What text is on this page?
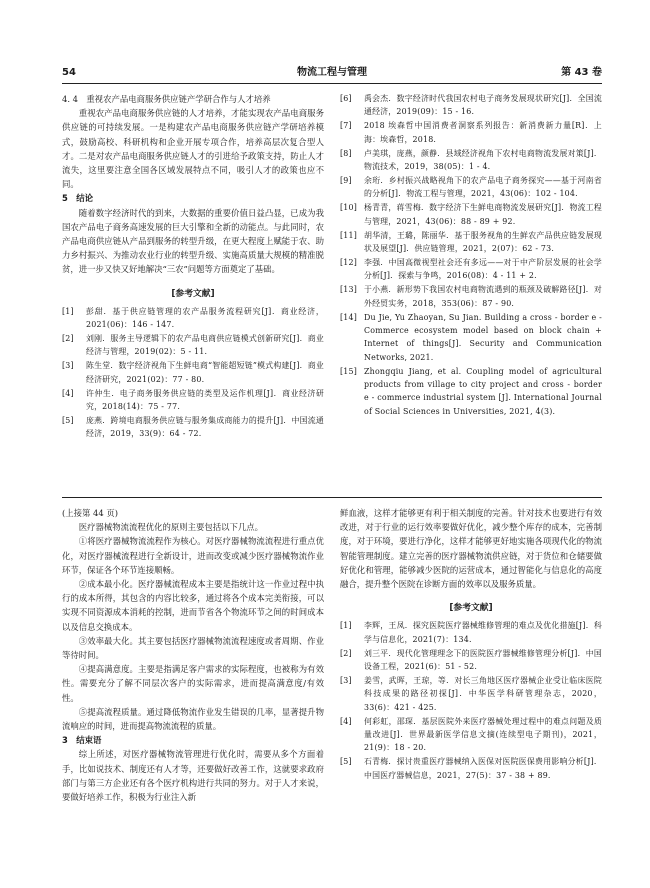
54	物流工程与管理	第 43 卷
4. 4　重视农产品电商服务供应链产学研合作与人才培养

重视农产品电商服务供应链的人才培养，才能实现农产品电商服务供应链的可持续发展。一是构建农产品电商服务供应链产学研培养模式，鼓励高校、科研机构和企业开展专项合作，培养高层次复合型人才。二是对农产品电商服务供应链人才的引进给予政策支持，防止人才流失，这里要注意全国各区域发展特点不同，吸引人才的政策也应不同。

5　结论

随着数字经济时代的到来，大数据的重要价值日益凸显，已成为我国农产品电子商务高速发展的巨大引擎和全新的动能点。与此同时，农产品电商供应链从产品到服务的转型升级，在更大程度上赋能于农、助力乡村振兴、为推动农业行业的转型升级、实施高质量大规模的精准脱贫，进一步又快又好地解决“三农”问题等方面奠定了基础。

[参考文献]
[1] 彭甜．基于供应链管理的农产品服务流程研究[J]．商业经济，2021(06)：146 - 147.
[2] 刘刚．服务主导逻辑下的农产品电商供应链模式创新研究[J]．商业经济与管理，2019(02)：5 - 11.
[3] 陈生堂．数字经济视角下生鲜电商“智能超短链”模式构建[J]．商业经济研究，2021(02)：77 - 80.
[4] 许仲生．电子商务服务供应链的类型及运作机理[J]．商业经济研究，2018(14)：75 - 77.
[5] 庞燕．跨境电商服务供应链与服务集成商能力的提升[J]．中国流通经济，2019，33(9)：64 - 72.
[6] 禹会杰．数字经济时代我国农村电子商务发展现状研究[J]．全国流通经济，2019(09)：15 - 16.
[7] 2018 埃森哲中国消费者洞察系列报告：新消费新力量[R]．上海：埃森哲，2018.
[8] 卢美琪，庞燕，颜静．县域经济视角下农村电商物流发展对策[J]．物流技术，2019，38(05)：1 - 4.
[9] 余珩．乡村振兴战略视角下的农产品电子商务探究——基于河南省的分析[J]．物流工程与管理，2021，43(06)：102 - 104.
[10] 杨青青，蒋雪梅．数字经济下生鲜电商物流发展研究[J]．物流工程与管理，2021，43(06)：88 - 89 + 92.
[11] 胡华清，王璐，陈丽华．基于服务视角的生鲜农产品供应链发展现状及展望[J]．供应链管理，2021，2(07)：62 - 73.
[12] 李强．中国高微视型社会还有多远——对于中产阶层发展的社会学分析[J]．探索与争鸣，2016(08)：4 - 11 + 2.
[13] 于小燕．新形势下我国农村电商物流遇到的瓶颈及破解路径[J]．对外经贸实务，2018，353(06)：87 - 90.
[14] Du Jie, Yu Zhaoyan, Su Jian. Building a cross - border e - Commerce ecosystem model based on block chain + Internet of things[J]. Security and Communication Networks, 2021.
[15] Zhongqiu Jiang, et al. Coupling model of agricultural products from village to city project and cross - border e - commerce industrial system [J]. International Journal of Social Sciences in Universities, 2021, 4(3).

(上接第 44 页)

医疗器械物流流程优化的原则主要包括以下几点。

①将医疗器械物流流程作为核心。对医疗器械物流流程进行重点优化，对医疗器械流程进行全新设计，进而改变或减少医疗器械物流作业环节，保证各个环节连接顺畅。

②成本最小化。医疗器械流程成本主要是指统计这一作业过程中执行的成本所得，其包含的内容比较多，通过将各个成本完美衔接，可以实现不同资源成本消耗的控制，进而节省各个物流环节之间的时间成本以及信息交换成本。

③效率最大化。其主要包括医疗器械物流流程速度或者周期、作业等待时间。

④提高满意度。主要是指满足客户需求的实际程度，也被称为有效性。需要充分了解不同层次客户的实际需求，进而提高满意度/有效性。

⑤提高流程质量。通过降低物流作业发生错误的几率，显著提升物流响应的时间，进而提高物流流程的质量。

3　结束语

综上所述，对医疗器械物流管理进行优化时，需要从多个方面着手，比如说技术、制度还有人才等，还要做好改善工作，这就要求政府部门与第三方企业还有各个医疗机构进行共同的努力。对于人才来说，要做好培养工作，积极为行业注入新

鲜血液，这样才能够更有利于相关制度的完善。针对技术也要进行有效改进，对于行业的运行效率要做好优化，减少整个库存的成本，完善制度，对于环境，要进行净化，这样才能够更好地实施各项现代化的物流智能管理制度。建立完善的医疗器械物流供应链，对于货位和仓储要做好优化和管理，能够减少医院的运营成本，通过智能化与信息化的高度融合，提升整个医院在诊断方面的效率以及服务质量。

[参考文献]
[1] 李辉，王凤．探究医院医疗器械维修管理的难点及优化措施[J]．科学与信息化，2021(7)：134.
[2] 刘三平．现代化管理理念下的医院医疗器械维修管理分析[J]．中国设备工程，2021(6)：51 - 52.
[3] 姜雪，武晖，王琼，等．对长三角地区医疗器械企业受让临床医院科技成果的路径初探[J]．中华医学科研管理杂志，2020，33(6)：421 - 425.
[4] 何彩虹，邵琛．基层医院外来医疗器械处理过程中的难点问题及质量改进[J]．世界最新医学信息文摘(连续型电子期刊)，2021，21(9)：18 - 20.
[5] 石青梅．探讨贵重医疗器械纳入医保对医院医保费用影响分析[J]．中国医疗器械信息，2021，27(5)：37 - 38 + 89.
